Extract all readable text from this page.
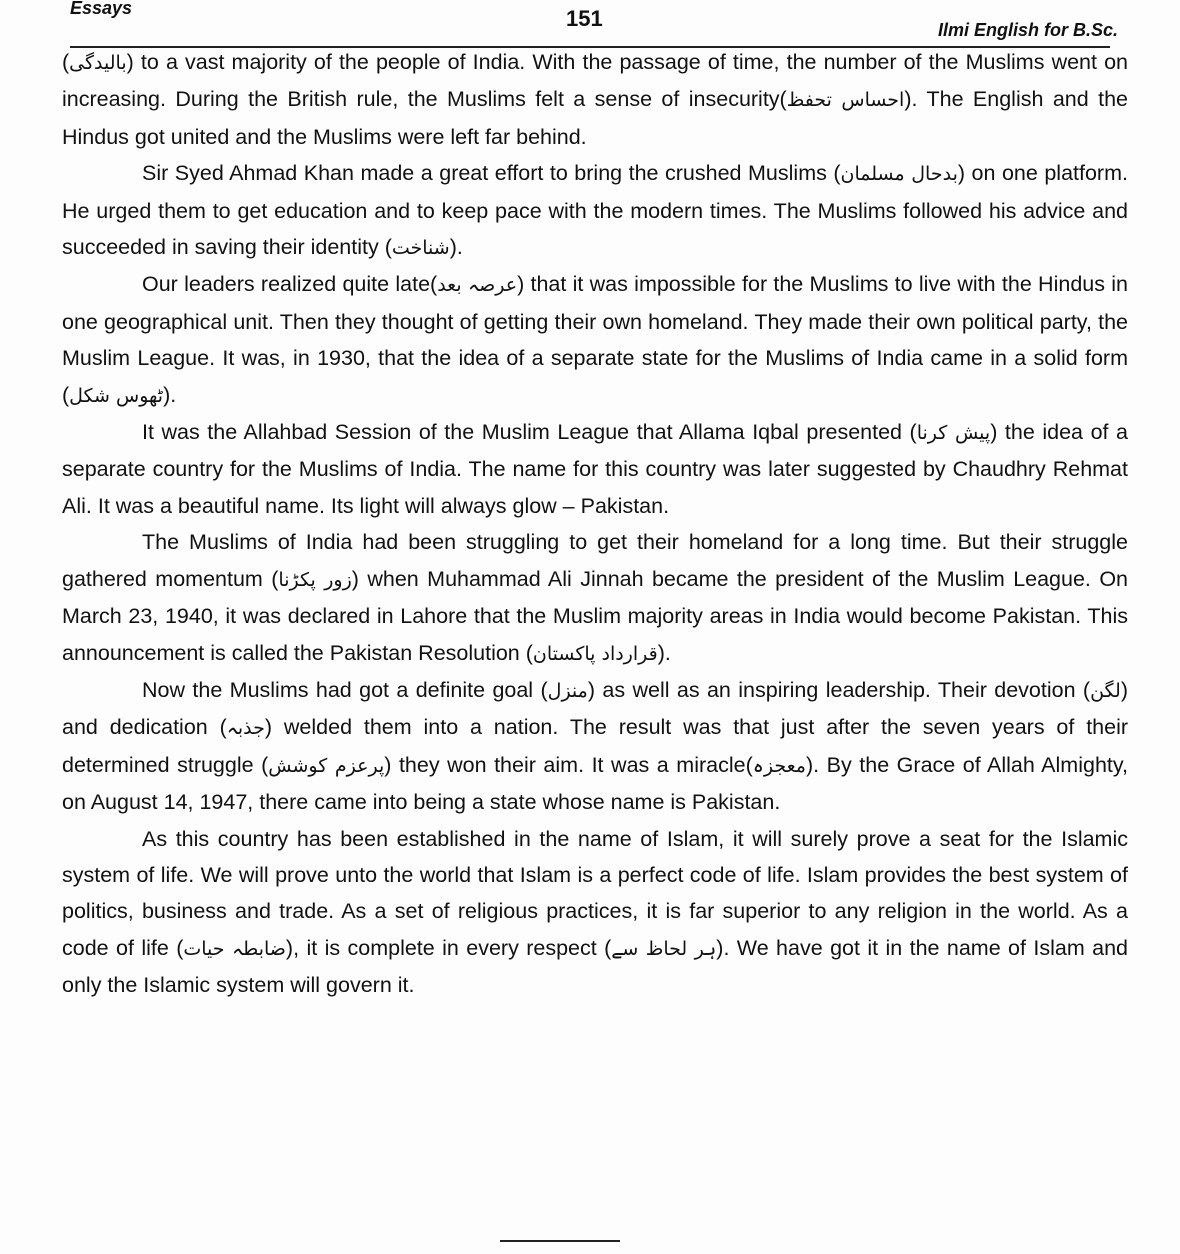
Essays	151	Ilmi English for B.Sc.

(بالیدگی) to a vast majority of the people of India. With the passage of time, the number of the Muslims went on increasing. During the British rule, the Muslims felt a sense of insecurity(احساس تحفظ). The English and the Hindus got united and the Muslims were left far behind.

Sir Syed Ahmad Khan made a great effort to bring the crushed Muslims (بدحال مسلمان) on one platform. He urged them to get education and to keep pace with the modern times. The Muslims followed his advice and succeeded in saving their identity (شناخت).

Our leaders realized quite late(عرصہ بعد) that it was impossible for the Muslims to live with the Hindus in one geographical unit. Then they thought of getting their own homeland. They made their own political party, the Muslim League. It was, in 1930, that the idea of a separate state for the Muslims of India came in a solid form (ٹھوس شکل).

It was the Allahbad Session of the Muslim League that Allama Iqbal presented (پیش کرنا) the idea of a separate country for the Muslims of India. The name for this country was later suggested by Chaudhry Rehmat Ali. It was a beautiful name. Its light will always glow – Pakistan.

The Muslims of India had been struggling to get their homeland for a long time. But their struggle gathered momentum (زور پکڑنا) when Muhammad Ali Jinnah became the president of the Muslim League. On March 23, 1940, it was declared in Lahore that the Muslim majority areas in India would become Pakistan. This announcement is called the Pakistan Resolution (قرارداد پاکستان).

Now the Muslims had got a definite goal (منزل) as well as an inspiring leadership. Their devotion (لگن) and dedication (جذبہ) welded them into a nation. The result was that just after the seven years of their determined struggle (پرعزم کوشش) they won their aim. It was a miracle(معجزہ). By the Grace of Allah Almighty, on August 14, 1947, there came into being a state whose name is Pakistan.

As this country has been established in the name of Islam, it will surely prove a seat for the Islamic system of life. We will prove unto the world that Islam is a perfect code of life. Islam provides the best system of politics, business and trade. As a set of religious practices, it is far superior to any religion in the world. As a code of life (ضابطہ حیات), it is complete in every respect (ہر لحاظ سے). We have got it in the name of Islam and only the Islamic system will govern it.
